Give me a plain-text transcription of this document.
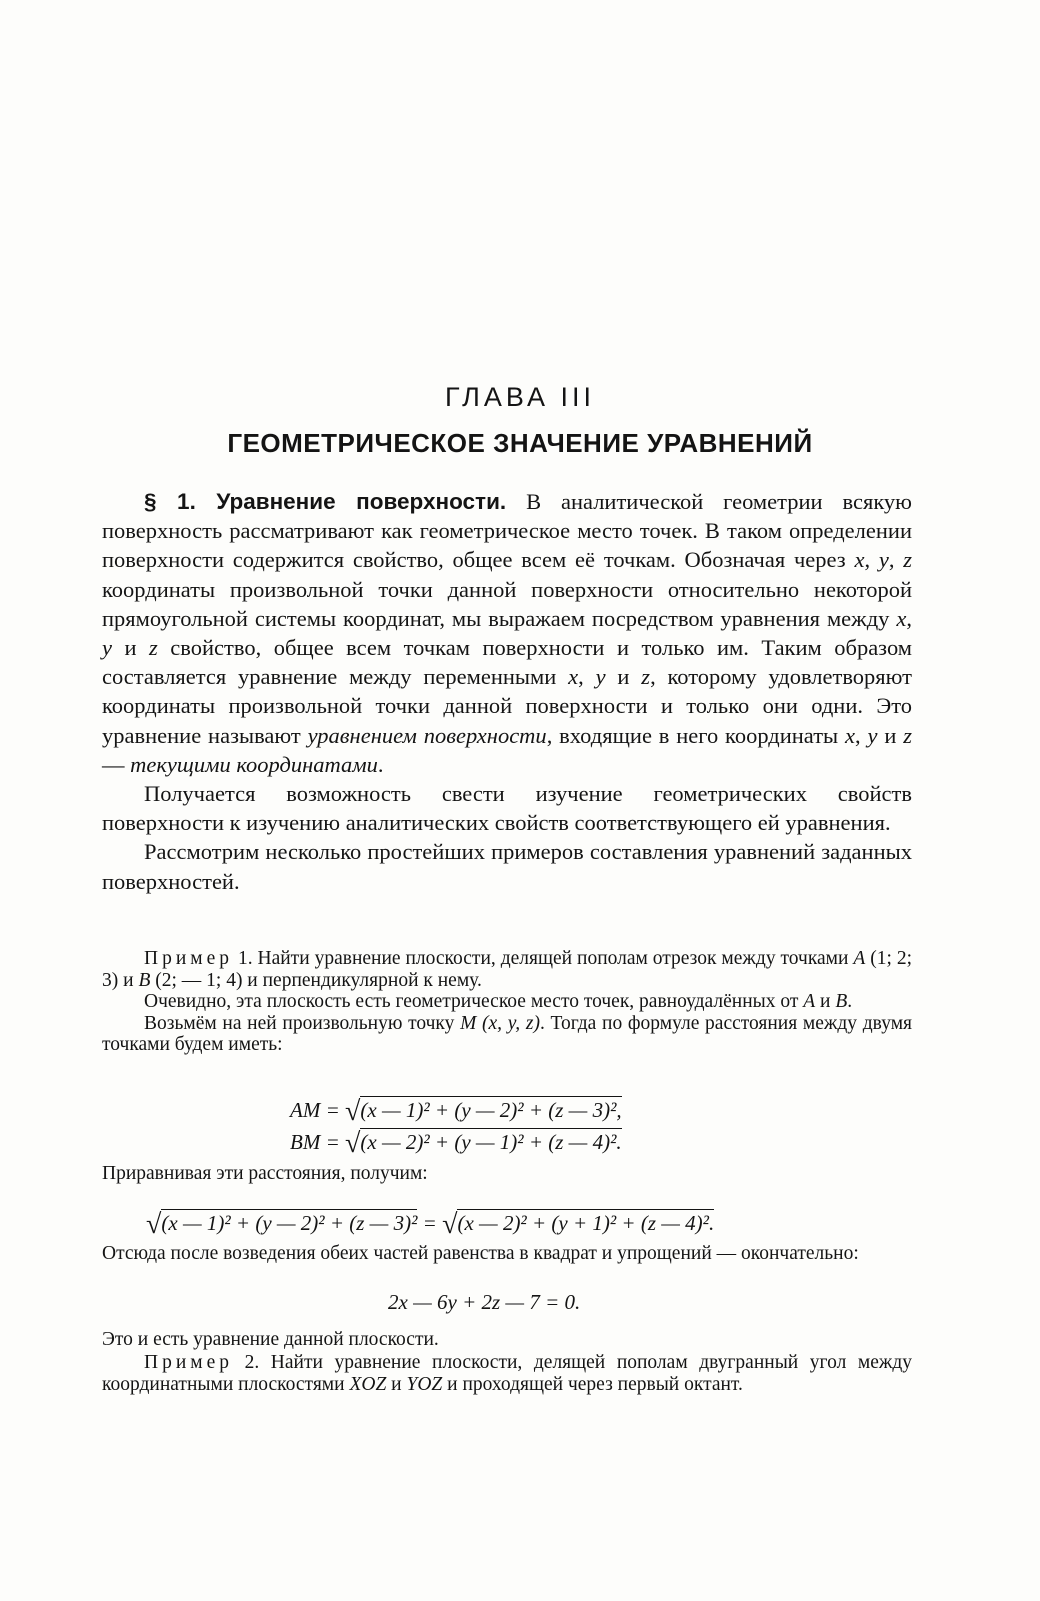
ГЛАВА III
ГЕОМЕТРИЧЕСКОЕ ЗНАЧЕНИЕ УРАВНЕНИЙ

§ 1. Уравнение поверхности. В аналитической геометрии всякую поверхность рассматривают как геометрическое место точек. В таком определении поверхности содержится свойство, общее всем её точкам. Обозначая через x, y, z координаты произвольной точки данной поверхности относительно некоторой прямоугольной системы координат, мы выражаем посредством уравнения между x, y и z свойство, общее всем точкам поверхности и только им. Таким образом составляется уравнение между переменными x, y и z, которому удовлетворяют координаты произвольной точки данной поверхности и только они одни. Это уравнение называют уравнением поверхности, входящие в него координаты x, y и z — текущими координатами.

Получается возможность свести изучение геометрических свойств поверхности к изучению аналитических свойств соответствующего ей уравнения.

Рассмотрим несколько простейших примеров составления уравнений заданных поверхностей.

Пример 1. Найти уравнение плоскости, делящей пополам отрезок между точками A (1; 2; 3) и B (2; — 1; 4) и перпендикулярной к нему.

Очевидно, эта плоскость есть геометрическое место точек, равноудалённых от A и B.

Возьмём на ней произвольную точку M (x, y, z). Тогда по формуле расстояния между двумя точками будем иметь:

AM = √(x — 1)² + (y — 2)² + (z — 3)²,
BM = √(x — 2)² + (y — 1)² + (z — 4)².

Приравнивая эти расстояния, получим:

√(x — 1)² + (y — 2)² + (z — 3)² = √(x — 2)² + (y + 1)² + (z — 4)².

Отсюда после возведения обеих частей равенства в квадрат и упрощений — окончательно:

2x — 6y + 2z — 7 = 0.

Это и есть уравнение данной плоскости.

Пример 2. Найти уравнение плоскости, делящей пополам двугранный угол между координатными плоскостями XOZ и YOZ и проходящей через первый октант.
